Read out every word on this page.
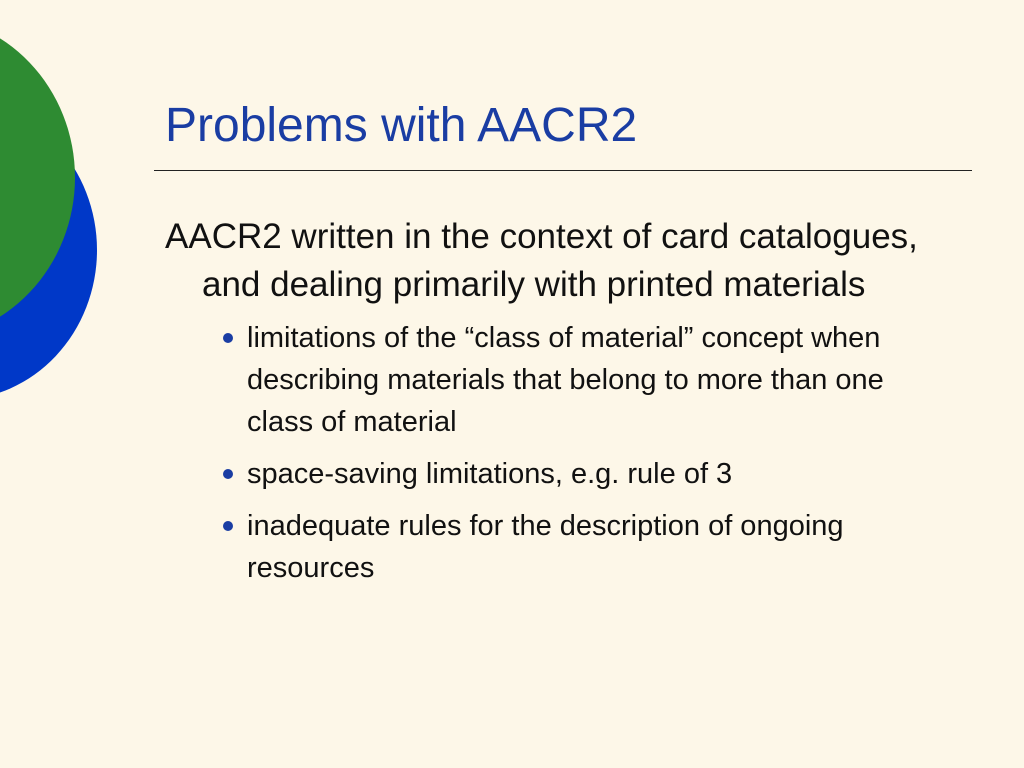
Problems with AACR2

AACR2 written in the context of card catalogues, and dealing primarily with printed materials

limitations of the “class of material” concept when describing materials that belong to more than one class of material
space-saving limitations, e.g. rule of 3
inadequate rules for the description of ongoing resources
